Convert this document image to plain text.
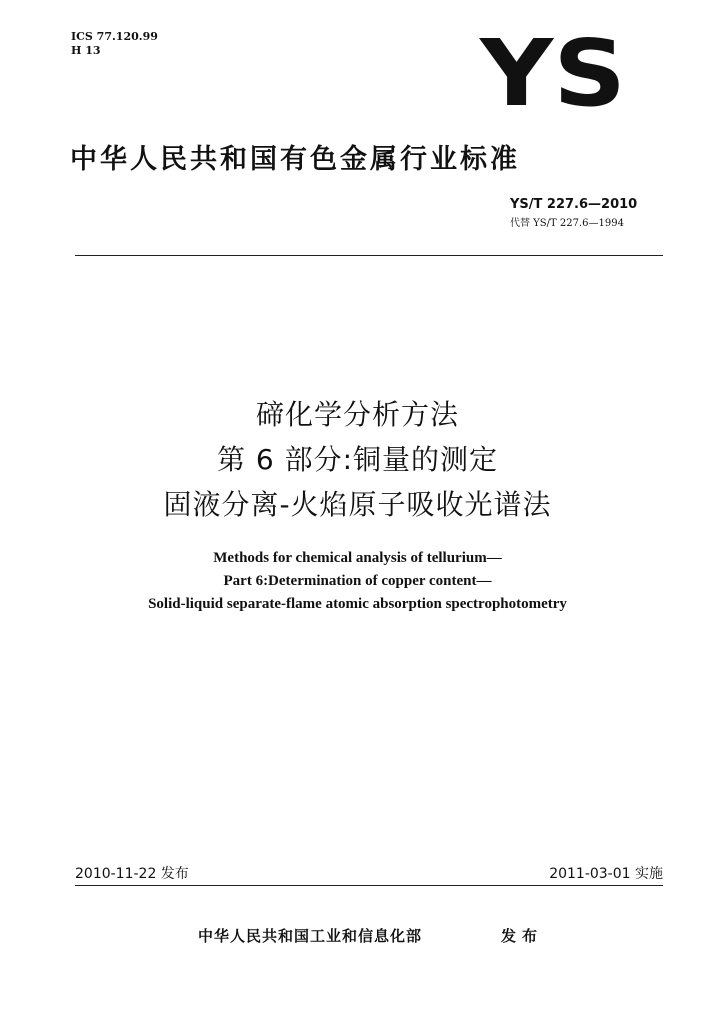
ICS 77.120.99
H 13	YS
中华人民共和国有色金属行业标准
YS/T 227.6—2010
代替 YS/T 227.6—1994
碲化学分析方法
第 6 部分:铜量的测定
固液分离-火焰原子吸收光谱法
Methods for chemical analysis of tellurium—
Part 6:Determination of copper content—
Solid-liquid separate-flame atomic absorption spectrophotometry
2010-11-22 发布	2011-03-01 实施
中华人民共和国工业和信息化部	发布
